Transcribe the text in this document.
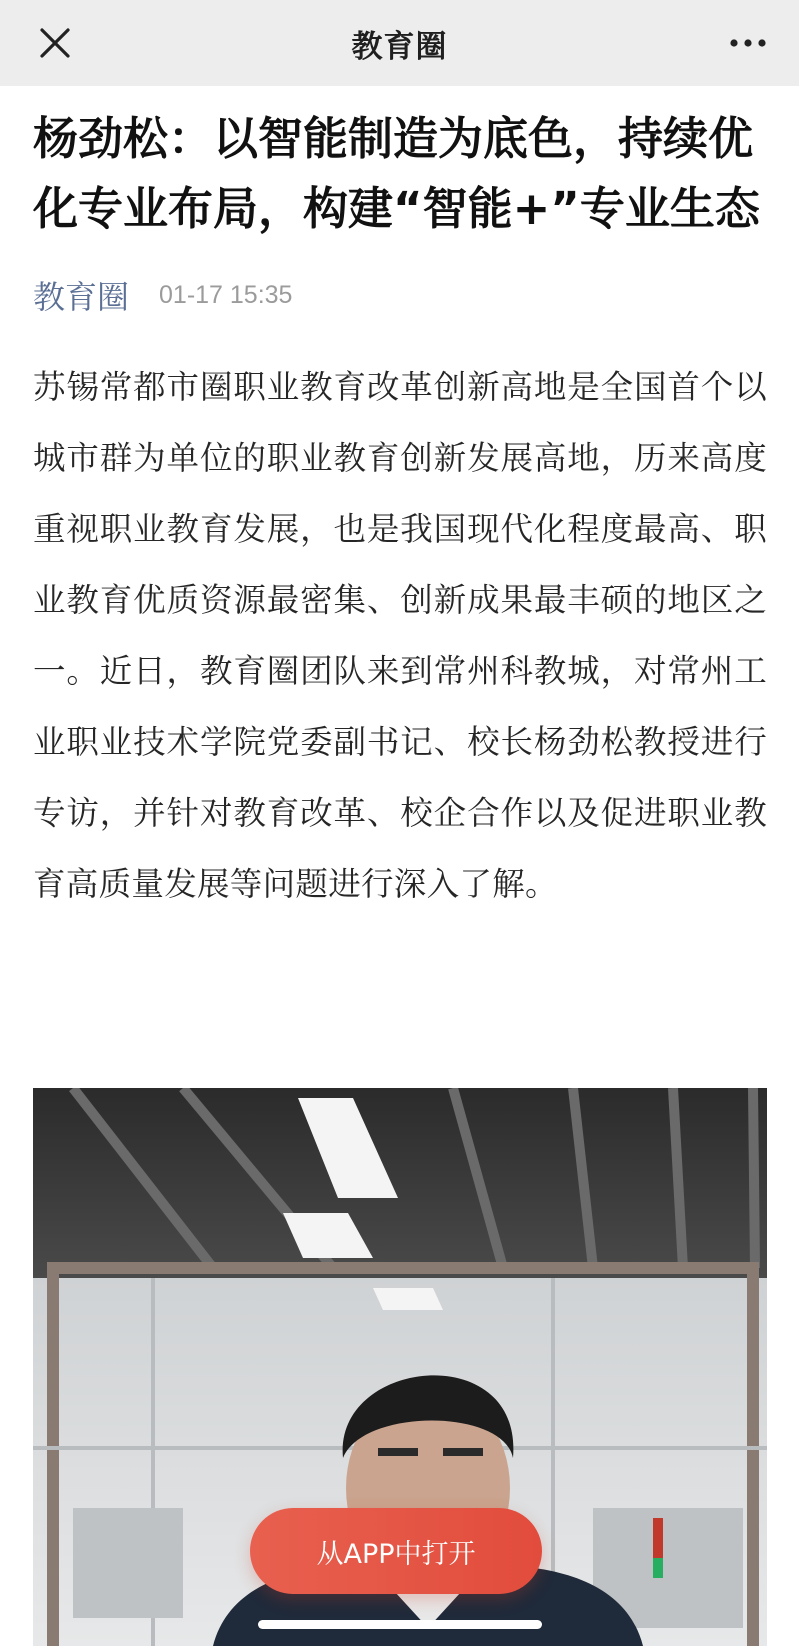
教育圈
杨劲松：以智能制造为底色，持续优化专业布局，构建“智能+”专业生态
教育圈 01-17 15:35

苏锡常都市圈职业教育改革创新高地是全国首个以城市群为单位的职业教育创新发展高地，历来高度重视职业教育发展，也是我国现代化程度最高、职业教育优质资源最密集、创新成果最丰硕的地区之一。近日，教育圈团队来到常州科教城，对常州工业职业技术学院党委副书记、校长杨劲松教授进行专访，并针对教育改革、校企合作以及促进职业教育高质量发展等问题进行深入了解。

从APP中打开
